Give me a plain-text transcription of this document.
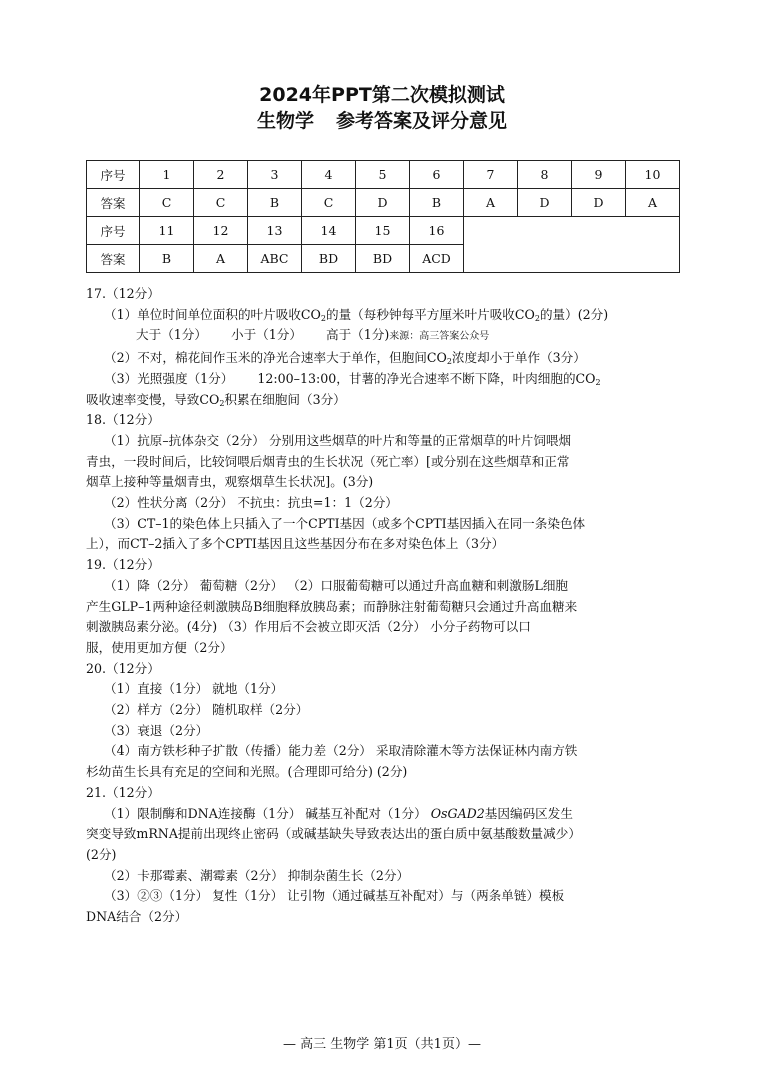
2024年PPT第二次模拟测试
生物学 参考答案及评分意见
序号	1	2	3	4	5	6	7	8	9	10
答案	C	C	B	C	D	B	A	D	D	A
序号	11	12	13	14	15	16				
答案	B	A	ABC	BD	BD	ACD				

17.（12分）

（1）单位时间单位面积的叶片吸收$CO_2$的量（每秒钟每平方厘米叶片吸收$CO_2$的量）(2分)

大于（1分） 小于（1分） 高于（1分)来源：高三答案公众号

（2）不对，棉花间作玉米的净光合速率大于单作，但胞间$CO_2$浓度却小于单作（3分）

（3）光照强度（1分） 12:00–13:00，甘薯的净光合速率不断下降，叶肉细胞的$CO_2$

吸收速率变慢，导致$CO_2$积累在细胞间（3分）

18.（12分）

（1）抗原–抗体杂交（2分） 分别用这些烟草的叶片和等量的正常烟草的叶片饲喂烟

青虫，一段时间后，比较饲喂后烟青虫的生长状况（死亡率）[或分别在这些烟草和正常

烟草上接种等量烟青虫，观察烟草生长状况]。(3分)

（2）性状分离（2分） 不抗虫：抗虫=1：1（2分）

（3）CT–1的染色体上只插入了一个CPTI基因（或多个CPTI基因插入在同一条染色体

上），而CT–2插入了多个CPTI基因且这些基因分布在多对染色体上（3分）

19.（12分）

（1）降（2分） 葡萄糖（2分） （2）口服葡萄糖可以通过升高血糖和刺激肠L细胞

产生GLP–1两种途径刺激胰岛B细胞释放胰岛素；而静脉注射葡萄糖只会通过升高血糖来

刺激胰岛素分泌。(4分) （3）作用后不会被立即灭活（2分） 小分子药物可以口

服，使用更加方便（2分）

20.（12分）

（1）直接（1分） 就地（1分）

（2）样方（2分） 随机取样（2分）

（3）衰退（2分）

（4）南方铁杉种子扩散（传播）能力差（2分） 采取清除灌木等方法保证林内南方铁

杉幼苗生长具有充足的空间和光照。(合理即可给分) (2分)

21.（12分）

（1）限制酶和DNA连接酶（1分） 碱基互补配对（1分） OsGAD2基因编码区发生

突变导致mRNA提前出现终止密码（或碱基缺失导致表达出的蛋白质中氨基酸数量减少）

(2分)

（2）卡那霉素、潮霉素（2分） 抑制杂菌生长（2分）

（3）②③（1分） 复性（1分） 让引物（通过碱基互补配对）与（两条单链）模板

DNA结合（2分）

— 高三 生物学 第1页（共1页）—
